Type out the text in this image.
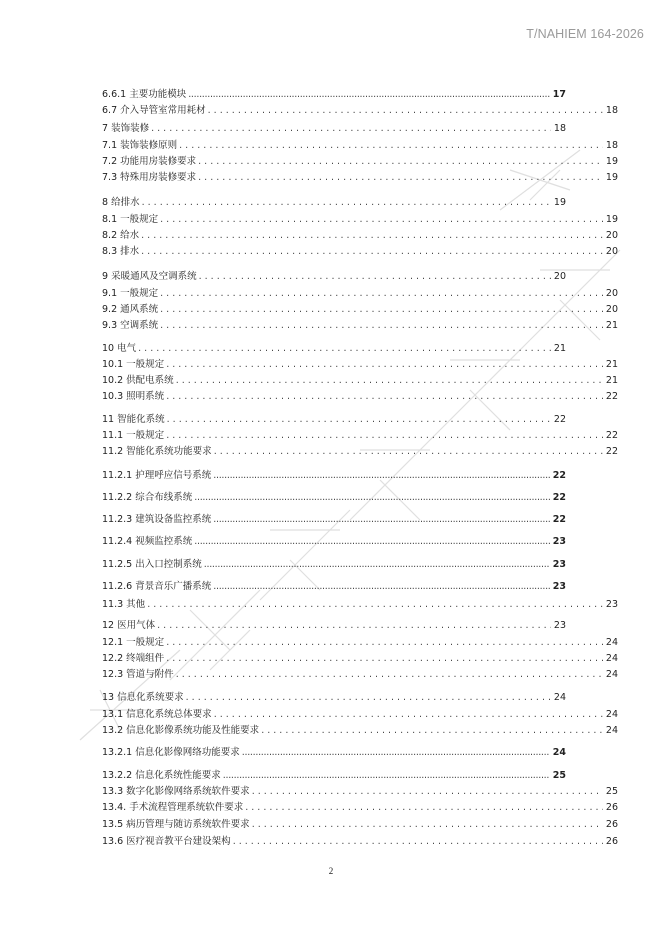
T/NAHIEM 164-2026
6.6.1 主要功能模块 .....	17
6.7 介入导管室常用耗材 . . .	18
7 装饰装修 . . .	18
7.1 装饰装修原则 . . .	18
7.2 功能用房装修要求 . . .	19
7.3 特殊用房装修要求 . . .	19
8 给排水 . . .	19
8.1 一般规定 . . .	19
8.2 给水 . . .	20
8.3 排水 . . .	20
9 采暖通风及空调系统 . . .	20
9.1 一般规定 . . .	20
9.2 通风系统 . . .	20
9.3 空调系统 . . .	21
10 电气 . . .	21
10.1 一般规定 . . .	21
10.2 供配电系统 . . .	21
10.3 照明系统 . . .	22
11 智能化系统 . . .	22
11.1 一般规定 . . .	22
11.2 智能化系统功能要求 . . .	22
11.2.1 护理呼应信号系统 .....	22
11.2.2 综合布线系统 .....	22
11.2.3 建筑设备监控系统 .....	22
11.2.4 视频监控系统 .....	23
11.2.5 出入口控制系统 .....	23
11.2.6 背景音乐广播系统 .....	23
11.3 其他 . . .	23
12 医用气体 . . .	23
12.1 一般规定 . . .	24
12.2 终端组件 . . .	24
12.3 管道与附件 . . .	24
13 信息化系统要求 . . .	24
13.1 信息化系统总体要求 . . .	24
13.2 信息化影像系统功能及性能要求 . . .	24
13.2.1 信息化影像网络功能要求 .....	24
13.2.2 信息化系统性能要求 .....	25
13.3 数字化影像网络系统软件要求 . . .	25
13.4. 手术流程管理系统软件要求 . . .	26
13.5 病历管理与随访系统软件要求 . . .	26
13.6 医疗视音教平台建设架构 . . .	26
2
